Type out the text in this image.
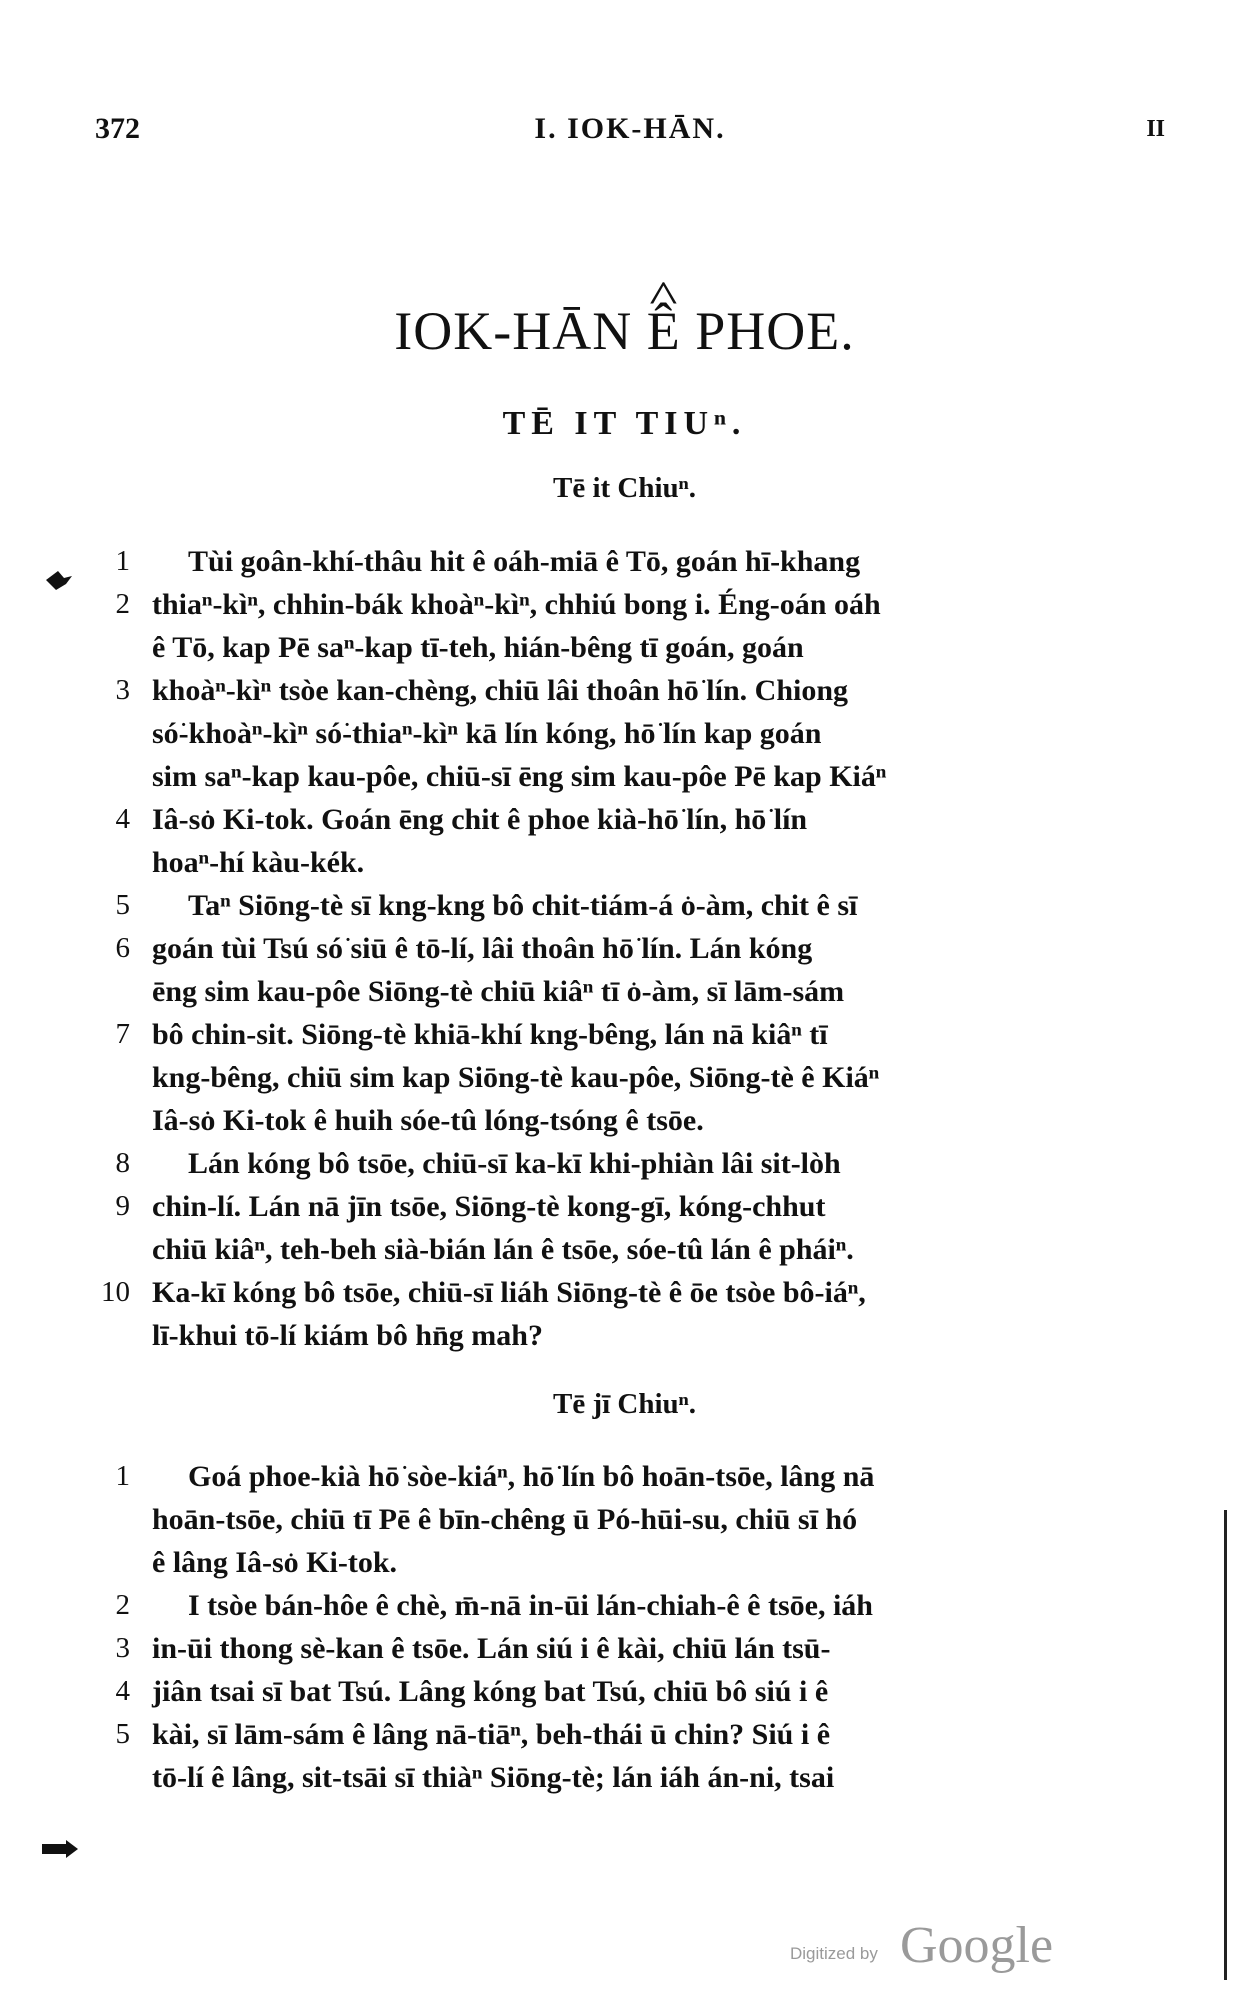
372	I. IOK-HĀN.	II
IOK-HĀN ^ Ê PHOE.
TĒ IT TIUⁿ.
Tē it Chiuⁿ.
1 Tùi goân-khí-thâu hit ê oáh-miā ê Tō, goán hī-khang
2 thiaⁿ-kìⁿ, chhin-bák khoàⁿ-kìⁿ, chhiú bong i. Éng-oán oáh
ê Tō, kap Pē saⁿ-kap tī-teh, hián-bêng tī goán, goán
3 khoàⁿ-kìⁿ tsòe kan-chèng, chiū lâi thoân hō͘ lín. Chiong
só͘-khoàⁿ-kìⁿ só͘-thiaⁿ-kìⁿ kā lín kóng, hō͘ lín kap goán
sim saⁿ-kap kau-pôe, chiū-sī ēng sim kau-pôe Pē kap Kiáⁿ
4 Iâ-so͘ Ki-tok. Goán ēng chit ê phoe kià-hō͘ lín, hō͘ lín
hoaⁿ-hí kàu-kék.
5 Taⁿ Siōng-tè sī kng-kng bô chit-tiám-á o͘-àm, chit ê sī
6 goán tùi Tsú só͘ siū ê tō-lí, lâi thoân hō͘ lín. Lán kóng
ēng sim kau-pôe Siōng-tè chiū kiâⁿ tī o͘-àm, sī lām-sám
7 bô chin-sit. Siōng-tè khiā-khí kng-bêng, lán nā kiâⁿ tī
kng-bêng, chiū sim kap Siōng-tè kau-pôe, Siōng-tè ê Kiáⁿ
Iâ-so͘ Ki-tok ê huih sóe-tû lóng-tsóng ê tsōe.
8 Lán kóng bô tsōe, chiū-sī ka-kī khi-phiàn lâi sit-lòh
9 chin-lí. Lán nā jīn tsōe, Siōng-tè kong-gī, kóng-chhut
chiū kiâⁿ, teh-beh sià-bián lán ê tsōe, sóe-tû lán ê pháiⁿ.
10 Ka-kī kóng bô tsōe, chiū-sī liáh Siōng-tè ê ōe tsòe bô-iáⁿ,
lī-khui tō-lí kiám bô hn̄g mah?
Tē jī Chiuⁿ.
1 Goá phoe-kià hō͘ sòe-kiáⁿ, hō͘ lín bô hoān-tsōe, lâng nā
hoān-tsōe, chiū tī Pē ê bīn-chêng ū Pó-hūi-su, chiū sī hó
ê lâng Iâ-so͘ Ki-tok.
2 I tsòe bán-hôe ê chè, m̄-nā in-ūi lán-chiah-ê ê tsōe, iáh
3 in-ūi thong sè-kan ê tsōe. Lán siú i ê kài, chiū lán tsū-
4 jiân tsai sī bat Tsú. Lâng kóng bat Tsú, chiū bô siú i ê
5 kài, sī lām-sám ê lâng nā-tiāⁿ, beh-thái ū chin? Siú i ê
tō-lí ê lâng, sit-tsāi sī thiàⁿ Siōng-tè; lán iáh án-ni, tsai
Digitized by Google
